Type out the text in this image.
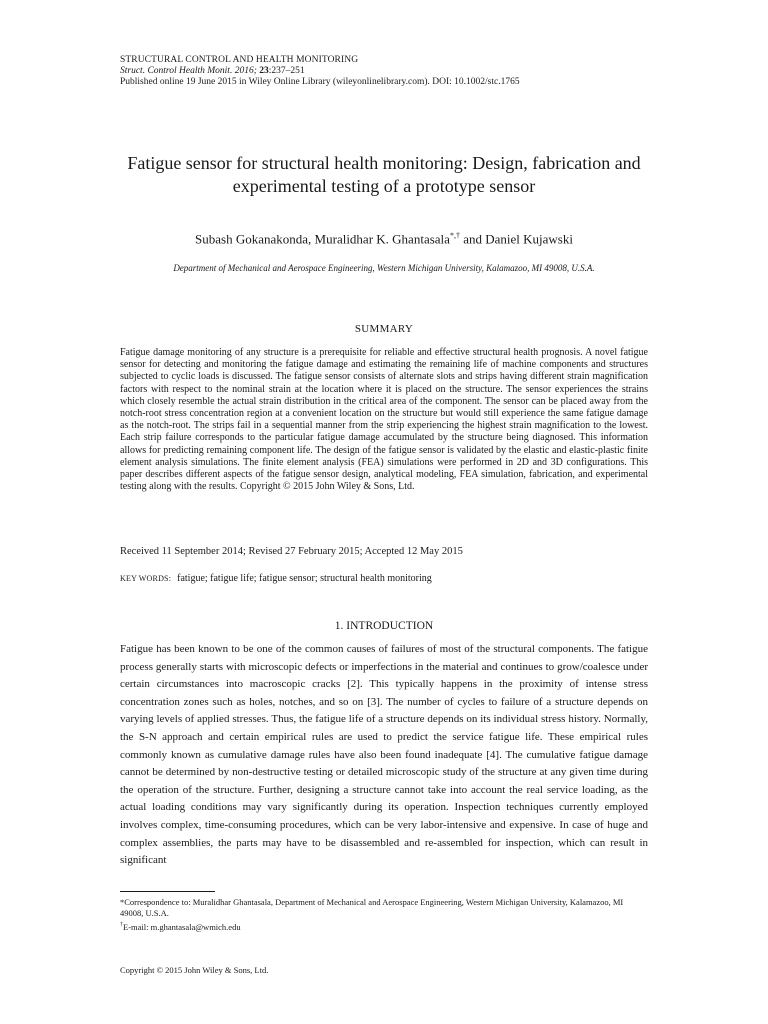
STRUCTURAL CONTROL AND HEALTH MONITORING
Struct. Control Health Monit. 2016; 23:237–251
Published online 19 June 2015 in Wiley Online Library (wileyonlinelibrary.com). DOI: 10.1002/stc.1765
Fatigue sensor for structural health monitoring: Design, fabrication and experimental testing of a prototype sensor
Subash Gokanakonda, Muralidhar K. Ghantasala*,† and Daniel Kujawski
Department of Mechanical and Aerospace Engineering, Western Michigan University, Kalamazoo, MI 49008, U.S.A.
SUMMARY
Fatigue damage monitoring of any structure is a prerequisite for reliable and effective structural health prognosis. A novel fatigue sensor for detecting and monitoring the fatigue damage and estimating the remaining life of machine components and structures subjected to cyclic loads is discussed. The fatigue sensor consists of alternate slots and strips having different strain magnification factors with respect to the nominal strain at the location where it is placed on the structure. The sensor experiences the strains which closely resemble the actual strain distribution in the critical area of the component. The sensor can be placed away from the notch-root stress concentration region at a convenient location on the structure but would still experience the same fatigue damage as the notch-root. The strips fail in a sequential manner from the strip experiencing the highest strain magnification to the lowest. Each strip failure corresponds to the particular fatigue damage accumulated by the structure being diagnosed. This information allows for predicting remaining component life. The design of the fatigue sensor is validated by the elastic and elastic-plastic finite element analysis simulations. The finite element analysis (FEA) simulations were performed in 2D and 3D configurations. This paper describes different aspects of the fatigue sensor design, analytical modeling, FEA simulation, fabrication, and experimental testing along with the results. Copyright © 2015 John Wiley & Sons, Ltd.
Received 11 September 2014; Revised 27 February 2015; Accepted 12 May 2015
KEY WORDS: fatigue; fatigue life; fatigue sensor; structural health monitoring
1. INTRODUCTION
Fatigue has been known to be one of the common causes of failures of most of the structural components. The fatigue process generally starts with microscopic defects or imperfections in the material and continues to grow/coalesce under certain circumstances into macroscopic cracks [2]. This typically happens in the proximity of intense stress concentration zones such as holes, notches, and so on [3]. The number of cycles to failure of a structure depends on varying levels of applied stresses. Thus, the fatigue life of a structure depends on its individual stress history. Normally, the S-N approach and certain empirical rules are used to predict the service fatigue life. These empirical rules commonly known as cumulative damage rules have also been found inadequate [4]. The cumulative fatigue damage cannot be determined by non-destructive testing or detailed microscopic study of the structure at any given time during the operation of the structure. Further, designing a structure cannot take into account the real service loading, as the actual loading conditions may vary significantly during its operation. Inspection techniques currently employed involves complex, time-consuming procedures, which can be very labor-intensive and expensive. In case of huge and complex assemblies, the parts may have to be disassembled and re-assembled for inspection, which can result in significant
*Correspondence to: Muralidhar Ghantasala, Department of Mechanical and Aerospace Engineering, Western Michigan University, Kalamazoo, MI 49008, U.S.A.
†E-mail: m.ghantasala@wmich.edu
Copyright © 2015 John Wiley & Sons, Ltd.
